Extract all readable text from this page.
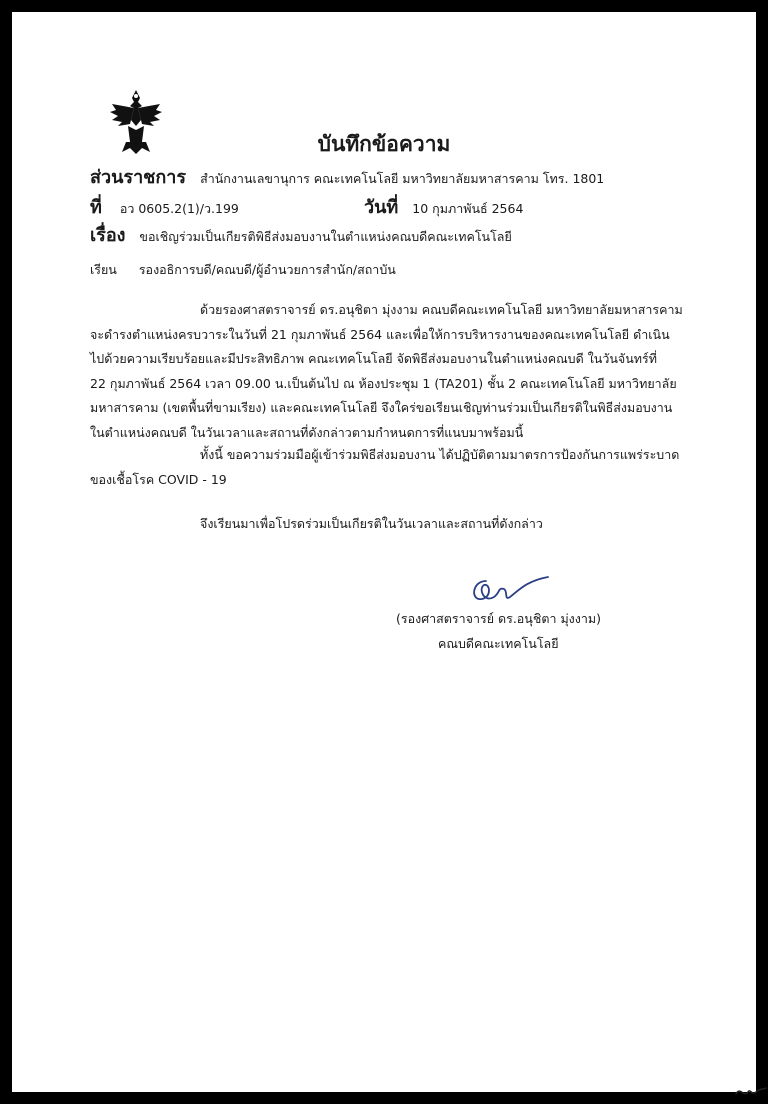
บันทึกข้อความ
ส่วนราชการ สำนักงานเลขานุการ คณะเทคโนโลยี มหาวิทยาลัยมหาสารคาม โทร. 1801
ที่ อว 0605.2(1)/ว.199	วันที่ 10 กุมภาพันธ์ 2564
เรื่อง ขอเชิญร่วมเป็นเกียรติพิธีส่งมอบงานในตำแหน่งคณบดีคณะเทคโนโลยี
เรียน รองอธิการบดี/คณบดี/ผู้อำนวยการสำนัก/สถาบัน
ด้วยรองศาสตราจารย์ ดร.อนุชิตา มุ่งงาม คณบดีคณะเทคโนโลยี มหาวิทยาลัยมหาสารคาม
จะดำรงตำแหน่งครบวาระในวันที่ 21 กุมภาพันธ์ 2564 และเพื่อให้การบริหารงานของคณะเทคโนโลยี ดำเนิน
ไปด้วยความเรียบร้อยและมีประสิทธิภาพ คณะเทคโนโลยี จัดพิธีส่งมอบงานในตำแหน่งคณบดี ในวันจันทร์ที่
22 กุมภาพันธ์ 2564 เวลา 09.00 น.เป็นต้นไป ณ ห้องประชุม 1 (TA201) ชั้น 2 คณะเทคโนโลยี มหาวิทยาลัย
มหาสารคาม (เขตพื้นที่ขามเรียง) และคณะเทคโนโลยี จึงใคร่ขอเรียนเชิญท่านร่วมเป็นเกียรติในพิธีส่งมอบงาน
ในตำแหน่งคณบดี ในวันเวลาและสถานที่ดังกล่าวตามกำหนดการที่แนบมาพร้อมนี้
ทั้งนี้ ขอความร่วมมือผู้เข้าร่วมพิธีส่งมอบงาน ได้ปฏิบัติตามมาตรการป้องกันการแพร่ระบาด
ของเชื้อโรค COVID - 19
จึงเรียนมาเพื่อโปรดร่วมเป็นเกียรติในวันเวลาและสถานที่ดังกล่าว
(รองศาสตราจารย์ ดร.อนุชิตา มุ่งงาม)
คณบดีคณะเทคโนโลยี
